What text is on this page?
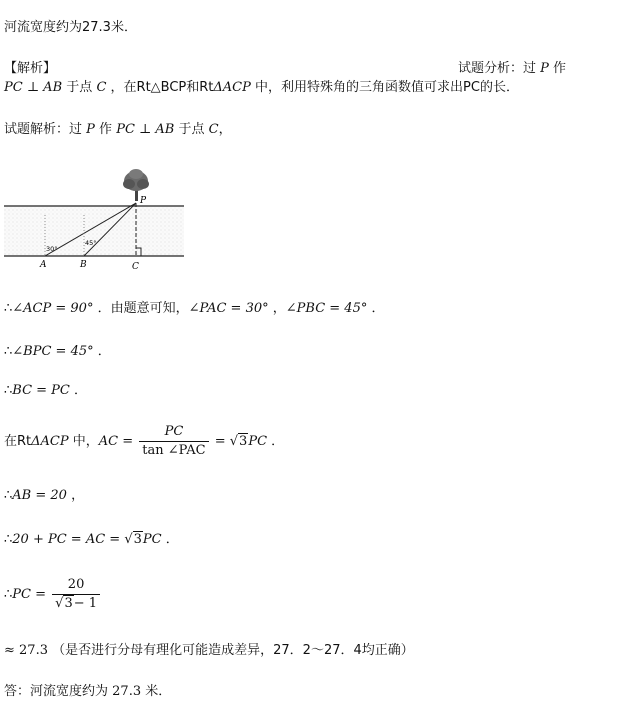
河流宽度约为27.3米．
【解析】	试题分析：过 P 作
PC ⊥ AB 于点 C ，在Rt△BCP和RtΔACP 中，利用特殊角的三角函数值可求出PC的长．
试题解析：过 P 作 PC ⊥ AB 于点 C，
P
A	B	C
30°
45°
∴∠ACP = 90° ．由题意可知，∠PAC = 30° ，∠PBC = 45° ．
∴∠BPC = 45° ．
∴BC = PC ．
在RtΔACP 中，AC = $\frac{PC}{\text{tan ∠PAC}} = √3PC$ ．
∴AB = 20 ，
∴20 + PC = AC = √3PC ．
∴PC = $\frac{20}{√3- 1}$
≈ 27.3 （是否进行分母有理化可能造成差异，27．2～27．4均正确）
答：河流宽度约为 27.3 米．
